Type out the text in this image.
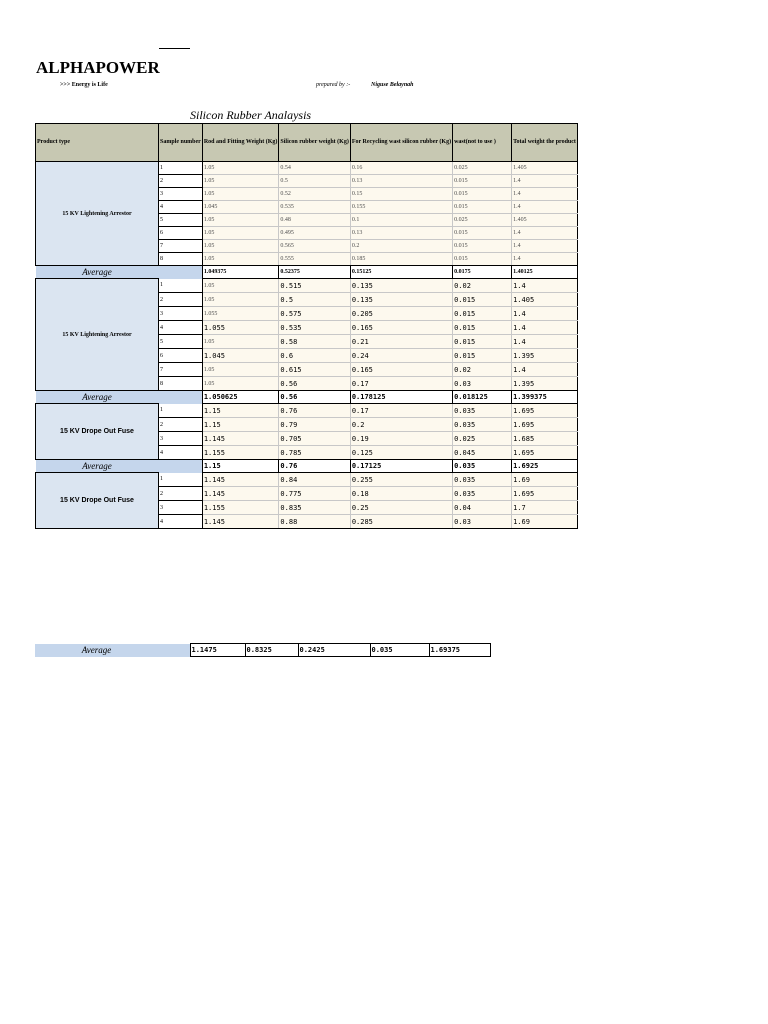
ALPHAPOWER
>>> Energy is Life	prepared by :-	Niguse Belaynah
Silicon Rubber Analaysis
Product type	Sample number	Rod and Fitting Weight (Kg)	Silicon rubber weight (Kg)	For Recycling wast silicon rubber (Kg)	wast(not to use )	Total weight the product
15 KV Lightening Arrestor	1	1.05	0.54	0.16	0.025	1.405
	2	1.05	0.5	0.13	0.015	1.4
	3	1.05	0.52	0.15	0.015	1.4
	4	1.045	0.535	0.155	0.015	1.4
	5	1.05	0.48	0.1	0.025	1.405
	6	1.05	0.495	0.13	0.015	1.4
	7	1.05	0.565	0.2	0.015	1.4
	8	1.05	0.555	0.185	0.015	1.4
Average		1.049375	0.52375	0.15125	0.0175	1.40125
15 KV Lightening Arrestor	1	1.05	0.515	0.135	0.02	1.4
	2	1.05	0.5	0.135	0.015	1.405
	3	1.055	0.575	0.205	0.015	1.4
	4	1.055	0.535	0.165	0.015	1.4
	5	1.05	0.58	0.21	0.015	1.4
	6	1.045	0.6	0.24	0.015	1.395
	7	1.05	0.615	0.165	0.02	1.4
	8	1.05	0.56	0.17	0.03	1.395
Average		1.050625	0.56	0.178125	0.018125	1.399375
15 KV Drope Out Fuse	1	1.15	0.76	0.17	0.035	1.695
	2	1.15	0.79	0.2	0.035	1.695
	3	1.145	0.705	0.19	0.025	1.685
	4	1.155	0.785	0.125	0.045	1.695
Average		1.15	0.76	0.17125	0.035	1.6925
15 KV Drope Out Fuse	1	1.145	0.84	0.255	0.035	1.69
	2	1.145	0.775	0.18	0.035	1.695
	3	1.155	0.835	0.25	0.04	1.7
	4	1.145	0.88	0.285	0.03	1.69
Average		1.1475	0.8325	0.2425	0.035	1.69375
